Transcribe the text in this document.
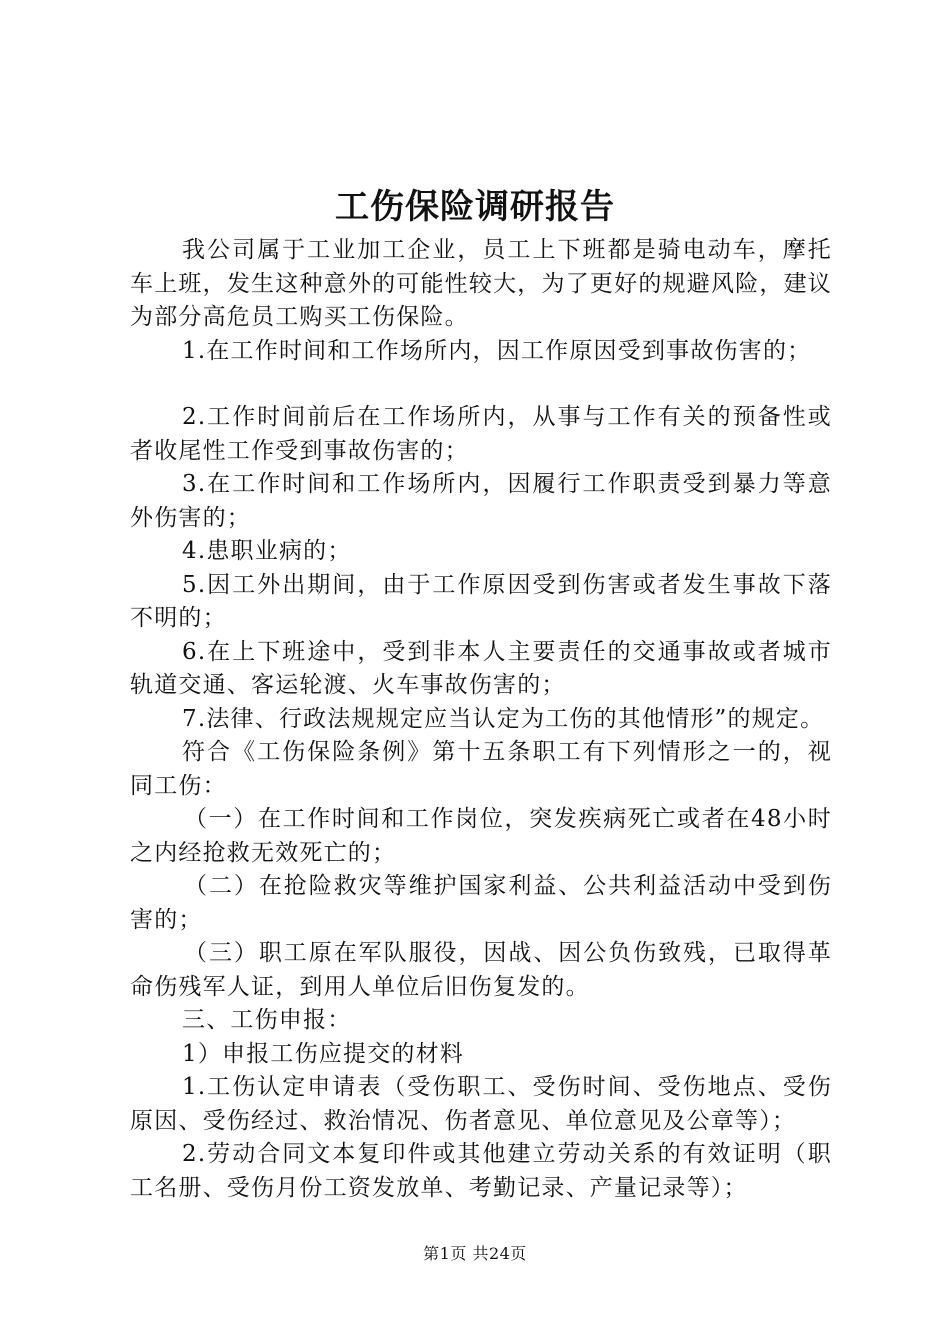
工伤保险调研报告

我公司属于工业加工企业，员工上下班都是骑电动车，摩托车上班，发生这种意外的可能性较大，为了更好的规避风险，建议为部分高危员工购买工伤保险。

1.在工作时间和工作场所内，因工作原因受到事故伤害的；

2.工作时间前后在工作场所内，从事与工作有关的预备性或者收尾性工作受到事故伤害的；

3.在工作时间和工作场所内，因履行工作职责受到暴力等意外伤害的；

4.患职业病的；

5.因工外出期间，由于工作原因受到伤害或者发生事故下落不明的；

6.在上下班途中，受到非本人主要责任的交通事故或者城市轨道交通、客运轮渡、火车事故伤害的；

7.法律、行政法规规定应当认定为工伤的其他情形”的规定。

符合《工伤保险条例》第十五条职工有下列情形之一的，视同工伤：

（一）在工作时间和工作岗位，突发疾病死亡或者在48小时之内经抢救无效死亡的；

（二）在抢险救灾等维护国家利益、公共利益活动中受到伤害的；

（三）职工原在军队服役，因战、因公负伤致残，已取得革命伤残军人证，到用人单位后旧伤复发的。

三、工伤申报：

1）申报工伤应提交的材料

1.工伤认定申请表（受伤职工、受伤时间、受伤地点、受伤原因、受伤经过、救治情况、伤者意见、单位意见及公章等）；

2.劳动合同文本复印件或其他建立劳动关系的有效证明（职工名册、受伤月份工资发放单、考勤记录、产量记录等）；

第1页 共24页
